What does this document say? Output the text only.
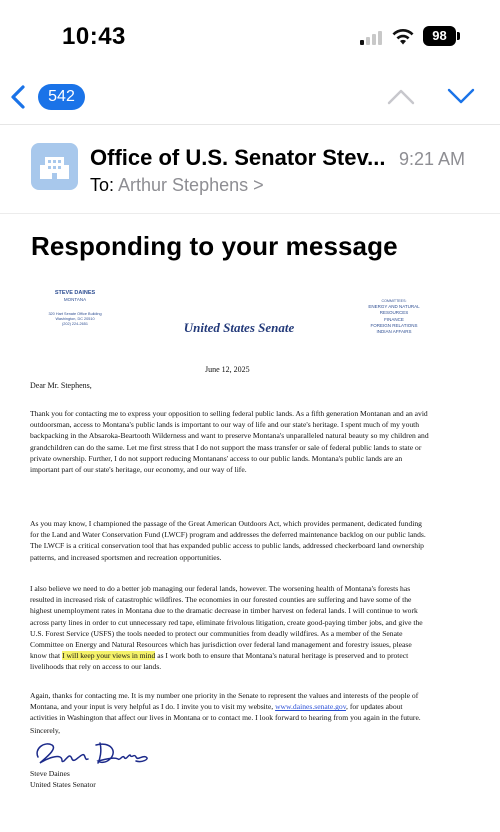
10:43	98
542
Office of U.S. Senator Stev... 9:21 AM
To: Arthur Stephens >
Responding to your message
STEVE DAINES
MONTANA
320 Hart Senate Office Building
Washington, DC 20510
(202) 224-2651	United States Senate
COMMITTEES:
ENERGY AND NATURAL
RESOURCES
FINANCE
FOREIGN RELATIONS
INDIAN AFFAIRS
June 12, 2025
Dear Mr. Stephens,
Thank you for contacting me to express your opposition to selling federal public lands. As a fifth generation Montanan and an avid outdoorsman, access to Montana's public lands is important to our way of life and our state's heritage. I spent much of my youth backpacking in the Absaroka-Beartooth Wilderness and want to preserve Montana's unparalleled natural beauty so my children and grandchildren can do the same. Let me first stress that I do not support the mass transfer or sale of federal public lands to state or private ownership. Further, I do not support reducing Montanans' access to our public lands. Montana's public lands are an important part of our state's heritage, our economy, and our way of life.
As you may know, I championed the passage of the Great American Outdoors Act, which provides permanent, dedicated funding for the Land and Water Conservation Fund (LWCF) program and addresses the deferred maintenance backlog on our public lands. The LWCF is a critical conservation tool that has expanded public access to public lands, addressed checkerboard land ownership patterns, and increased sportsmen and recreation opportunities.
I also believe we need to do a better job managing our federal lands, however. The worsening health of Montana's forests has resulted in increased risk of catastrophic wildfires. The economies in our forested counties are suffering and have some of the highest unemployment rates in Montana due to the dramatic decrease in timber harvest on federal lands. I will continue to work across party lines in order to cut unnecessary red tape, eliminate frivolous litigation, create good-paying timber jobs, and give the U.S. Forest Service (USFS) the tools needed to protect our communities from deadly wildfires. As a member of the Senate Committee on Energy and Natural Resources which has jurisdiction over federal land management and forestry issues, please know that I will keep your views in mind as I work both to ensure that Montana's natural heritage is preserved and to protect livelihoods that rely on access to our lands.
Again, thanks for contacting me. It is my number one priority in the Senate to represent the values and interests of the people of Montana, and your input is very helpful as I do. I invite you to visit my website, www.daines.senate.gov, for updates about activities in Washington that affect our lives in Montana or to contact me. I look forward to hearing from you again in the future.
Sincerely,
Steve Daines
United States Senator
